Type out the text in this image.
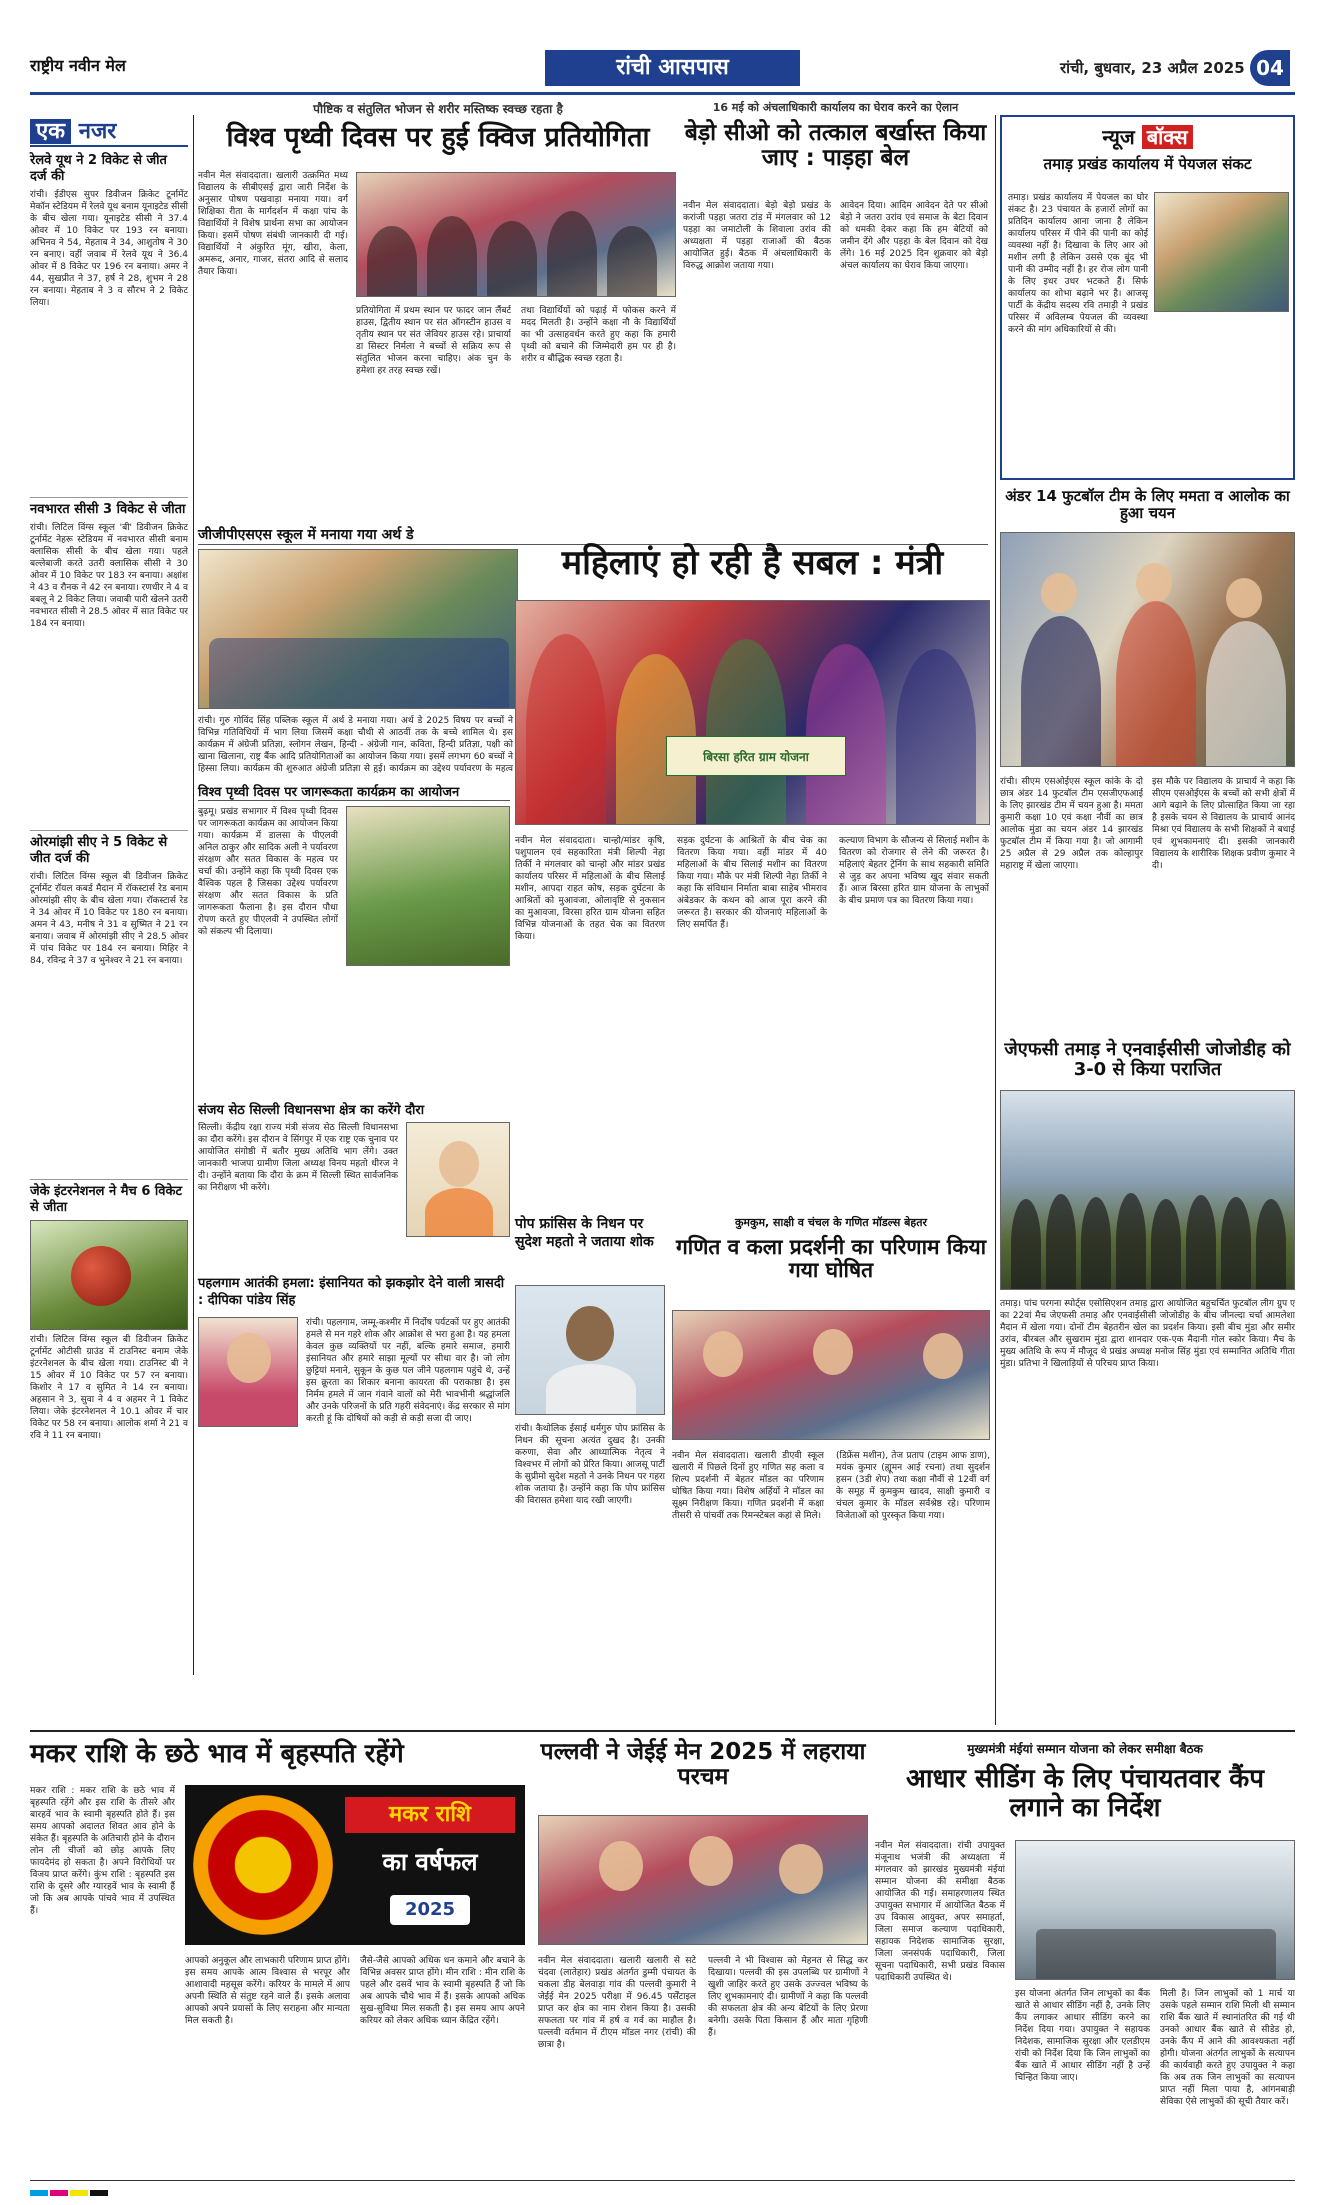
राष्ट्रीय नवीन मेल	रांची आसपास	रांची, बुधवार, 23 अप्रैल 2025 04
एक नजर
रेलवे यूथ ने 2 विकेट से जीत दर्ज की
रांची। ईडीएस सुपर डिवीजन क्रिकेट टूर्नामेंट मेकॉन स्टेडियम में रेलवे यूथ बनाम यूनाइटेड सीसी के बीच खेला गया। यूनाइटेड सीसी ने 37.4 ओवर में 10 विकेट पर 193 रन बनाया। अभिनव ने 54, मेहताब ने 34, आशुतोष ने 30 रन बनाए। वहीं जवाब में रेलवे यूथ ने 36.4 ओवर में 8 विकेट पर 196 रन बनाया। अमर ने 44, सुखप्रीत ने 37, हर्ष ने 28, शुभम ने 28 रन बनाया। मेहताब ने 3 व सौरभ ने 2 विकेट लिया।
नवभारत सीसी 3 विकेट से जीता
रांची। लिटिल विंग्स स्कूल 'बी' डिवीजन क्रिकेट टूर्नामेंट नेहरू स्टेडियम में नवभारत सीसी बनाम क्लासिक सीसी के बीच खेला गया। पहले बल्लेबाजी करते उतरी क्लासिक सीसी ने 30 ओवर में 10 विकेट पर 183 रन बनाया। अक्षांश ने 43 व रौनक ने 42 रन बनाया। रणधीर ने 4 व बबलू ने 2 विकेट लिया। जवाबी पारी खेलने उतरी नवभारत सीसी ने 28.5 ओवर में सात विकेट पर 184 रन बनाया।
ओरमांझी सीए ने 5 विकेट से जीत दर्ज की
रांची। लिटिल विंग्स स्कूल बी डिवीजन क्रिकेट टूर्नामेंट रॉयल कबर्ड मैदान में रॉकस्टार्स रेड बनाम ओरमांझी सीए के बीच खेला गया। रॉकस्टार्स रेड ने 34 ओवर में 10 विकेट पर 180 रन बनाया। अमन ने 43, मनीष ने 31 व सुष्मित ने 21 रन बनाया। जवाब में ओरमांझी सीए ने 28.5 ओवर में पांच विकेट पर 184 रन बनाया। मिहिर ने 84, रविन्द्र ने 37 व भुनेश्वर ने 21 रन बनाया।
जेके इंटरनेशनल ने मैच 6 विकेट से जीता
रांची। लिटिल विंग्स स्कूल बी डिवीजन क्रिकेट टूर्नामेंट ओटीसी ग्राउंड में टाउनिस्ट बनाम जेके इंटरनेशनल के बीच खेला गया। टाउनिस्ट बी ने 15 ओवर में 10 विकेट पर 57 रन बनाया। किशोर ने 17 व सुमित ने 14 रन बनाया। अहसान ने 3, सुवा ने 4 व अहमर ने 1 विकेट लिया। जेके इंटरनेशनल ने 10.1 ओवर में चार विकेट पर 58 रन बनाया। आलोक शर्मा ने 21 व रवि ने 11 रन बनाया।
पौष्टिक व संतुलित भोजन से शरीर मस्तिष्क स्वच्छ रहता है
विश्व पृथ्वी दिवस पर हुई क्विज प्रतियोगिता
नवीन मेल संवाददाता। खलारी उत्क्रमित मध्य विद्यालय के सीबीएसई द्वारा जारी निर्देश के अनुसार पोषण पखवाड़ा मनाया गया। वर्ग शिक्षिका रीता के मार्गदर्शन में कक्षा पांच के विद्यार्थियों ने विशेष प्रार्थना सभा का आयोजन किया। इसमें पोषण संबंधी जानकारी दी गई। विद्यार्थियों ने अंकुरित मूंग, खीरा, केला, अमरूद, अनार, गाजर, संतरा आदि से सलाद तैयार किया।
प्रतियोगिता में प्रथम स्थान पर फादर जान लैंबर्ट हाउस, द्वितीय स्थान पर संत ऑगस्टीन हाउस व तृतीय स्थान पर संत जेवियर हाउस रहे। प्राचार्या डा सिस्टर निर्मला ने बच्चों से सक्रिय रूप से संतुलित भोजन करना चाहिए। अंक चुन के हमेशा हर तरह स्वच्छ रखें।
तथा विद्यार्थियों को पढ़ाई में फोकस करने में मदद मिलती है। उन्होंने कक्षा नौ के विद्यार्थियों का भी उत्साहवर्धन करते हुए कहा कि हमारी पृथ्वी को बचाने की जिम्मेदारी हम पर ही है। शरीर व बौद्धिक स्वच्छ रहता है।
16 मई को अंचलाधिकारी कार्यालय का घेराव करने का ऐलान
बेड़ो सीओ को तत्काल बर्खास्त किया जाए : पाड़हा बेल
नवीन मेल संवाददाता। बेड़ो बेड़ो प्रखंड के करांजी पड़हा जतरा टांड़ में मंगलवार को 12 पड़हा का जमाटोली के शिवाला उरांव की अध्यक्षता में पड़हा राजाओं की बैठक आयोजित हुई। बैठक में अंचलाधिकारी के विरुद्ध आक्रोश जताया गया।
आवेदन दिया। आदिम आवेदन देते पर सीओ बेड़ो ने जतरा उरांव एवं समाज के बेटा दिवान को धमकी देकर कहा कि हम बेटियों को जमीन देंगे और पड़हा के बेल दिवान को देख लेंगे। 16 मई 2025 दिन शुक्रवार को बेड़ो अंचल कार्यालय का घेराव किया जाएगा।
न्यूज बॉक्स
तमाड़ प्रखंड कार्यालय में पेयजल संकट
तमाड़। प्रखंड कार्यालय में पेयजल का घोर संकट है। 23 पंचायत के हजारों लोगों का प्रतिदिन कार्यालय आना जाना है लेकिन कार्यालय परिसर में पीने की पानी का कोई व्यवस्था नहीं है। दिखावा के लिए आर ओ मशीन लगी है लेकिन उससे एक बूंद भी पानी की उम्मीद नहीं है। हर रोज लोग पानी के लिए इधर उधर भटकते हैं। सिर्फ कार्यालय का शोभा बढ़ाने भर है। आजसू पार्टी के केंद्रीय सदस्य रवि तमाड़ी ने प्रखंड परिसर में अविलम्ब पेयजल की व्यवस्था करने की मांग अधिकारियों से की।
अंडर 14 फुटबॉल टीम के लिए ममता व आलोक का हुआ चयन
रांची। सीएम एसओईएस स्कूल कांके के दो छात्र अंडर 14 फुटबॉल टीम एसजीएफआई के लिए झारखंड टीम में चयन हुआ है। ममता कुमारी कक्षा 10 एवं कक्षा नौवीं का छात्र आलोक मुंडा का चयन अंडर 14 झारखंड फुटबॉल टीम में किया गया है। जो आगामी 25 अप्रैल से 29 अप्रैल तक कोल्हापुर महाराष्ट्र में खेला जाएगा।
इस मौके पर विद्यालय के प्राचार्य ने कहा कि सीएम एसओईएस के बच्चों को सभी क्षेत्रों में आगे बढ़ाने के लिए प्रोत्साहित किया जा रहा है इसके चयन से विद्यालय के प्राचार्य आनंद मिश्रा एवं विद्यालय के सभी शिक्षकों ने बधाई एवं शुभकामनाएं दी। इसकी जानकारी विद्यालय के शारीरिक शिक्षक प्रवीण कुमार ने दी।
जेएफसी तमाड़ ने एनवाईसीसी जोजोडीह को 3-0 से किया पराजित
तमाड़। पांच परगना स्पोर्ट्स एसोसिएशन तमाड़ द्वारा आयोजित बहुचर्चित फुटबॉल लीग ग्रुप ए का 22वां मैच जेएफसी तमाड़ और एनवाईसीसी जोजोडीह के बीच जीनल्दा चर्चा आमलेशा मैदान में खेला गया। दोनों टीम बेहतरीन खेल का प्रदर्शन किया। इसी बीच मुंडा और समीर उरांव, बीरबल और सुखराम मुंडा द्वारा शानदार एक-एक मैदानी गोल स्कोर किया। मैच के मुख्य अतिथि के रूप में मौजूद थे प्रखंड अध्यक्ष मनोज सिंह मुंडा एवं सम्मानित अतिथि गीता मुंडा। प्रतिभा ने खिलाड़ियों से परिचय प्राप्त किया।
जीजीपीएसएस स्कूल में मनाया गया अर्थ डे
रांची। गुरु गोविंद सिंह पब्लिक स्कूल में अर्थ डे मनाया गया। अर्थ डे 2025 विषय पर बच्चों ने विभिन्न गतिविधियों में भाग लिया जिसमें कक्षा चौथी से आठवीं तक के बच्चे शामिल थे। इस कार्यक्रम में अंग्रेजी प्रतिज्ञा, स्लोगन लेखन, हिन्दी - अंग्रेजी गान, कविता, हिन्दी प्रतिज्ञा, पक्षी को खाना खिलाना, राष्ट्र बैंक आदि प्रतियोगिताओं का आयोजन किया गया। इसमें लगभग 60 बच्चों ने हिस्सा लिया। कार्यक्रम की शुरुआत अंग्रेजी प्रतिज्ञा से हुई। कार्यक्रम का उद्देश्य पर्यावरण के महत्व
महिलाएं हो रही है सबल : मंत्री
बिरसा हरित ग्राम योजना
नवीन मेल संवाददाता। चान्हो/मांडर कृषि, पशुपालन एवं सहकारिता मंत्री शिल्पी नेहा तिर्की ने मंगलवार को चान्हो और मांडर प्रखंड कार्यालय परिसर में महिलाओं के बीच सिलाई मशीन, आपदा राहत कोष, सड़क दुर्घटना के आश्रितों को मुआवजा, ओलावृष्टि से नुकसान का मुआवजा, विरसा हरित ग्राम योजना सहित विभिन्न योजनाओं के तहत चेक का वितरण किया।
सड़क दुर्घटना के आश्रितों के बीच चेक का वितरण किया गया। वहीं मांडर में 40 महिलाओं के बीच सिलाई मशीन का वितरण किया गया। मौके पर मंत्री शिल्पी नेहा तिर्की ने कहा कि संविधान निर्माता बाबा साहेब भीमराव अंबेडकर के कथन को आज पूरा करने की जरूरत है। सरकार की योजनाएं महिलाओं के लिए समर्पित हैं।
कल्याण विभाग के सौजन्य से सिलाई मशीन के वितरण को रोजगार से लेने की जरूरत है। महिलाएं बेहतर ट्रेनिंग के साथ सहकारी समिति से जुड़ कर अपना भविष्य खुद संवार सकती हैं। आज बिरसा हरित ग्राम योजना के लाभुकों के बीच प्रमाण पत्र का वितरण किया गया।
विश्व पृथ्वी दिवस पर जागरूकता कार्यक्रम का आयोजन
बुढ़मू। प्रखंड सभागार में विश्व पृथ्वी दिवस पर जागरूकता कार्यक्रम का आयोजन किया गया। कार्यक्रम में डालसा के पीएलवी अनिल ठाकुर और सादिक अली ने पर्यावरण संरक्षण और सतत विकास के महत्व पर चर्चा की। उन्होंने कहा कि पृथ्वी दिवस एक वैश्विक पहल है जिसका उद्देश्य पर्यावरण संरक्षण और सतत विकास के प्रति जागरूकता फैलाना है। इस दौरान पौधा रोपण करते हुए पीएलवी ने उपस्थित लोगों को संकल्प भी दिलाया।
संजय सेठ सिल्ली विधानसभा क्षेत्र का करेंगे दौरा
सिल्ली। केंद्रीय रक्षा राज्य मंत्री संजय सेठ सिल्ली विधानसभा का दौरा करेंगे। इस दौरान वे सिंगपुर में एक राष्ट्र एक चुनाव पर आयोजित संगोष्ठी में बतौर मुख्य अतिथि भाग लेंगे। उक्त जानकारी भाजपा ग्रामीण जिला अध्यक्ष विनय महतो धीरज ने दी। उन्होंने बताया कि दौरा के क्रम में सिल्ली स्थित सार्वजनिक का निरीक्षण भी करेंगे।
पोप फ्रांसिस के निधन पर सुदेश महतो ने जताया शोक
रांची। कैथोलिक ईसाई धर्मगुरु पोप फ्रांसिस के निधन की सूचना अत्यंत दुखद है। उनकी करुणा, सेवा और आध्यात्मिक नेतृत्व ने विश्वभर में लोगों को प्रेरित किया। आजसू पार्टी के सुप्रीमो सुदेश महतो ने उनके निधन पर गहरा शोक जताया है। उन्होंने कहा कि पोप फ्रांसिस की विरासत हमेशा याद रखी जाएगी।
कुमकुम, साक्षी व चंचल के गणित मॉडल्स बेहतर
गणित व कला प्रदर्शनी का परिणाम किया गया घोषित
नवीन मेल संवाददाता। खलारी डीएवी स्कूल खलारी में पिछले दिनों हुए गणित सह कला व शिल्प प्रदर्शनी में बेहतर मॉडल का परिणाम घोषित किया गया। विशेष अर्हियों ने मॉडल का सूक्ष्म निरीक्षण किया। गणित प्रदर्शनी में कक्षा तीसरी से पांचवीं तक रिमन्स्टेबल कहां से मिले।
(डिफ्रेंस मशीन), तेज प्रताप (टाइम आफ डाण), मयंक कुमार (ह्यूमन आई रचना) तथा सुदर्शन हसन (3डी शेप) तथा कक्षा नौवीं से 12वीं वर्ग के समूह में कुमकुम खादव, साक्षी कुमारी व चंचल कुमार के मॉडल सर्वश्रेष्ठ रहे। परिणाम विजेताओं को पुरस्कृत किया गया।
पहलगाम आतंकी हमला: इंसानियत को झकझोर देने वाली त्रासदी : दीपिका पांडेय सिंह
रांची। पहलगाम, जम्मू-कश्मीर में निर्दोष पर्यटकों पर हुए आतंकी हमले से मन गहरे शोक और आक्रोश से भरा हुआ है। यह हमला केवल कुछ व्यक्तियों पर नहीं, बल्कि हमारे समाज, हमारी इंसानियत और हमारे साझा मूल्यों पर सीधा वार है। जो लोग छुट्टियां मनाने, सुकून के कुछ पल जीने पहलगाम पहुंचे थे, उन्हें इस क्रूरता का शिकार बनाना कायरता की पराकाष्ठा है। इस निर्मम हमले में जान गंवाने वालों को मेरी भावभीनी श्रद्धांजलि और उनके परिजनों के प्रति गहरी संवेदनाएं। केंद्र सरकार से मांग करती हूं कि दोषियों को कड़ी से कड़ी सजा दी जाए।
मकर राशि के छठे भाव में बृहस्पति रहेंगे
मकर राशि : मकर राशि के छठे भाव में बृहस्पति रहेंगे और इस राशि के तीसरे और बारहवें भाव के स्वामी बृहस्पति होते हैं। इस समय आपको अदालत शिवत आव होने के संकेत हैं। बृहस्पति के अतिचारी होने के दौरान लोन ली चीजों को छोड़ आपके लिए फायदेमंद हो सकता है। अपने विरोधियों पर विजय प्राप्त करेंगे। कुंभ राशि : बृहस्पति इस राशि के दूसरे और ग्यारहवें भाव के स्वामी हैं जो कि अब आपके पांचवे भाव में उपस्थित हैं।
मकर राशि
का वर्षफल
2025
आपको अनुकूल और लाभकारी परिणाम प्राप्त होंगे। इस समय आपके आत्म विश्वास से भरपूर और आशावादी महसूस करेंगे। करियर के मामले में आप अपनी स्थिति से संतुष्ट रहने वाले हैं। इसके अलावा आपको अपने प्रयासों के लिए सराहना और मान्यता मिल सकती है।
जैसे-जैसे आपको अधिक धन कमाने और बचाने के विभिन्न अवसर प्राप्त होंगे। मीन राशि : मीन राशि के पहले और दसवें भाव के स्वामी बृहस्पति हैं जो कि अब आपके चौथे भाव में हैं। इसके आपको अधिक सुख-सुविधा मिल सकती है। इस समय आप अपने करियर को लेकर अधिक ध्यान केंद्रित रहेंगे।
पल्लवी ने जेईई मेन 2025 में लहराया परचम
नवीन मेल संवाददाता। खलारी खलारी से सटे चंदवा (लातेहार) प्रखंड अंतर्गत डुम्मी पंचायत के चकला डीह बेलवाड़ा गांव की पल्लवी कुमारी ने जेईई मेन 2025 परीक्षा में 96.45 पर्सेंटाइल प्राप्त कर क्षेत्र का नाम रोशन किया है। उसकी सफलता पर गांव में हर्ष व गर्व का माहौल है। पल्लवी वर्तमान में टीएम मॉडल नगर (रांची) की छात्रा है।
पल्लवी ने भी विश्वास को मेहनत से सिद्ध कर दिखाया। पल्लवी की इस उपलब्धि पर ग्रामीणों ने खुशी जाहिर करते हुए उसके उज्ज्वल भविष्य के लिए शुभकामनाएं दी। ग्रामीणों ने कहा कि पल्लवी की सफलता क्षेत्र की अन्य बेटियों के लिए प्रेरणा बनेगी। उसके पिता किसान हैं और माता गृहिणी हैं।
मुख्यमंत्री मंईयां सम्मान योजना को लेकर समीक्षा बैठक
आधार सीडिंग के लिए पंचायतवार कैंप लगाने का निर्देश
नवीन मेल संवाददाता। रांची उपायुक्त मंजूनाथ भजंत्री की अध्यक्षता में मंगलवार को झारखंड मुख्यमंत्री मंईयां सम्मान योजना की समीक्षा बैठक आयोजित की गई। समाहरणालय स्थित उपायुक्त सभागार में आयोजित बैठक में उप विकास आयुक्त, अपर समाहर्ता, जिला समाज कल्याण पदाधिकारी, सहायक निदेशक सामाजिक सुरक्षा, जिला जनसंपर्क पदाधिकारी, जिला सूचना पदाधिकारी, सभी प्रखंड विकास पदाधिकारी उपस्थित थे।
इस योजना अंतर्गत जिन लाभुकों का बैंक खाते से आधार सीडिंग नहीं है, उनके लिए कैंप लगाकर आधार सीडिंग करने का निर्देश दिया गया। उपायुक्त ने सहायक निदेशक, सामाजिक सुरक्षा और एलडीएम रांची को निर्देश दिया कि जिन लाभुकों का बैंक खाते में आधार सीडिंग नहीं है उन्हें चिन्हित किया जाए।
मिली है। जिन लाभुकों को 1 मार्च या उसके पहले सम्मान राशि मिली थी सम्मान राशि बैंक खाते में स्थानांतरित की गई थी उनको आधार बैंक खाते से सीडेड हो, उनके कैंप में आने की आवश्यकता नहीं होगी। योजना अंतर्गत लाभुकों के सत्यापन की कार्यवाही करते हुए उपायुक्त ने कहा कि अब तक जिन लाभुकों का सत्यापन प्राप्त नहीं मिला पाया है, आंगनबाड़ी सेविका ऐसे लाभुकों की सूची तैयार करें।
